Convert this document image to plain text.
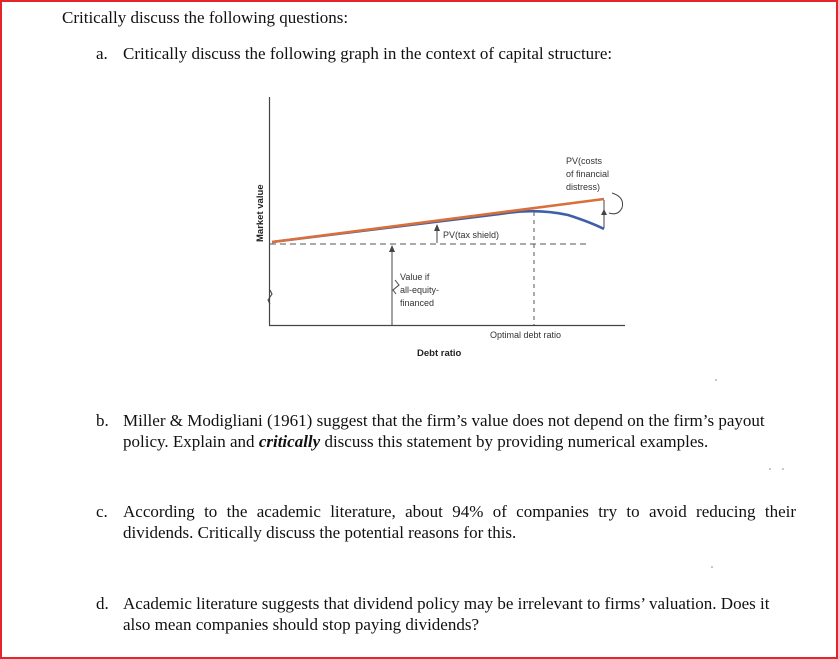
Critically discuss the following questions:
a. Critically discuss the following graph in the context of capital structure:
Market value
Debt ratio
PV(costs
of financial
distress)
PV(tax shield)
Value if
all-equity-
financed
Optimal debt ratio
b. Miller & Modigliani (1961) suggest that the firm’s value does not depend on the firm’s payout policy. Explain and critically discuss this statement by providing numerical examples.
c. According to the academic literature, about 94% of companies try to avoid reducing their dividends. Critically discuss the potential reasons for this.
d. Academic literature suggests that dividend policy may be irrelevant to firms’ valuation. Does it also mean companies should stop paying dividends?
